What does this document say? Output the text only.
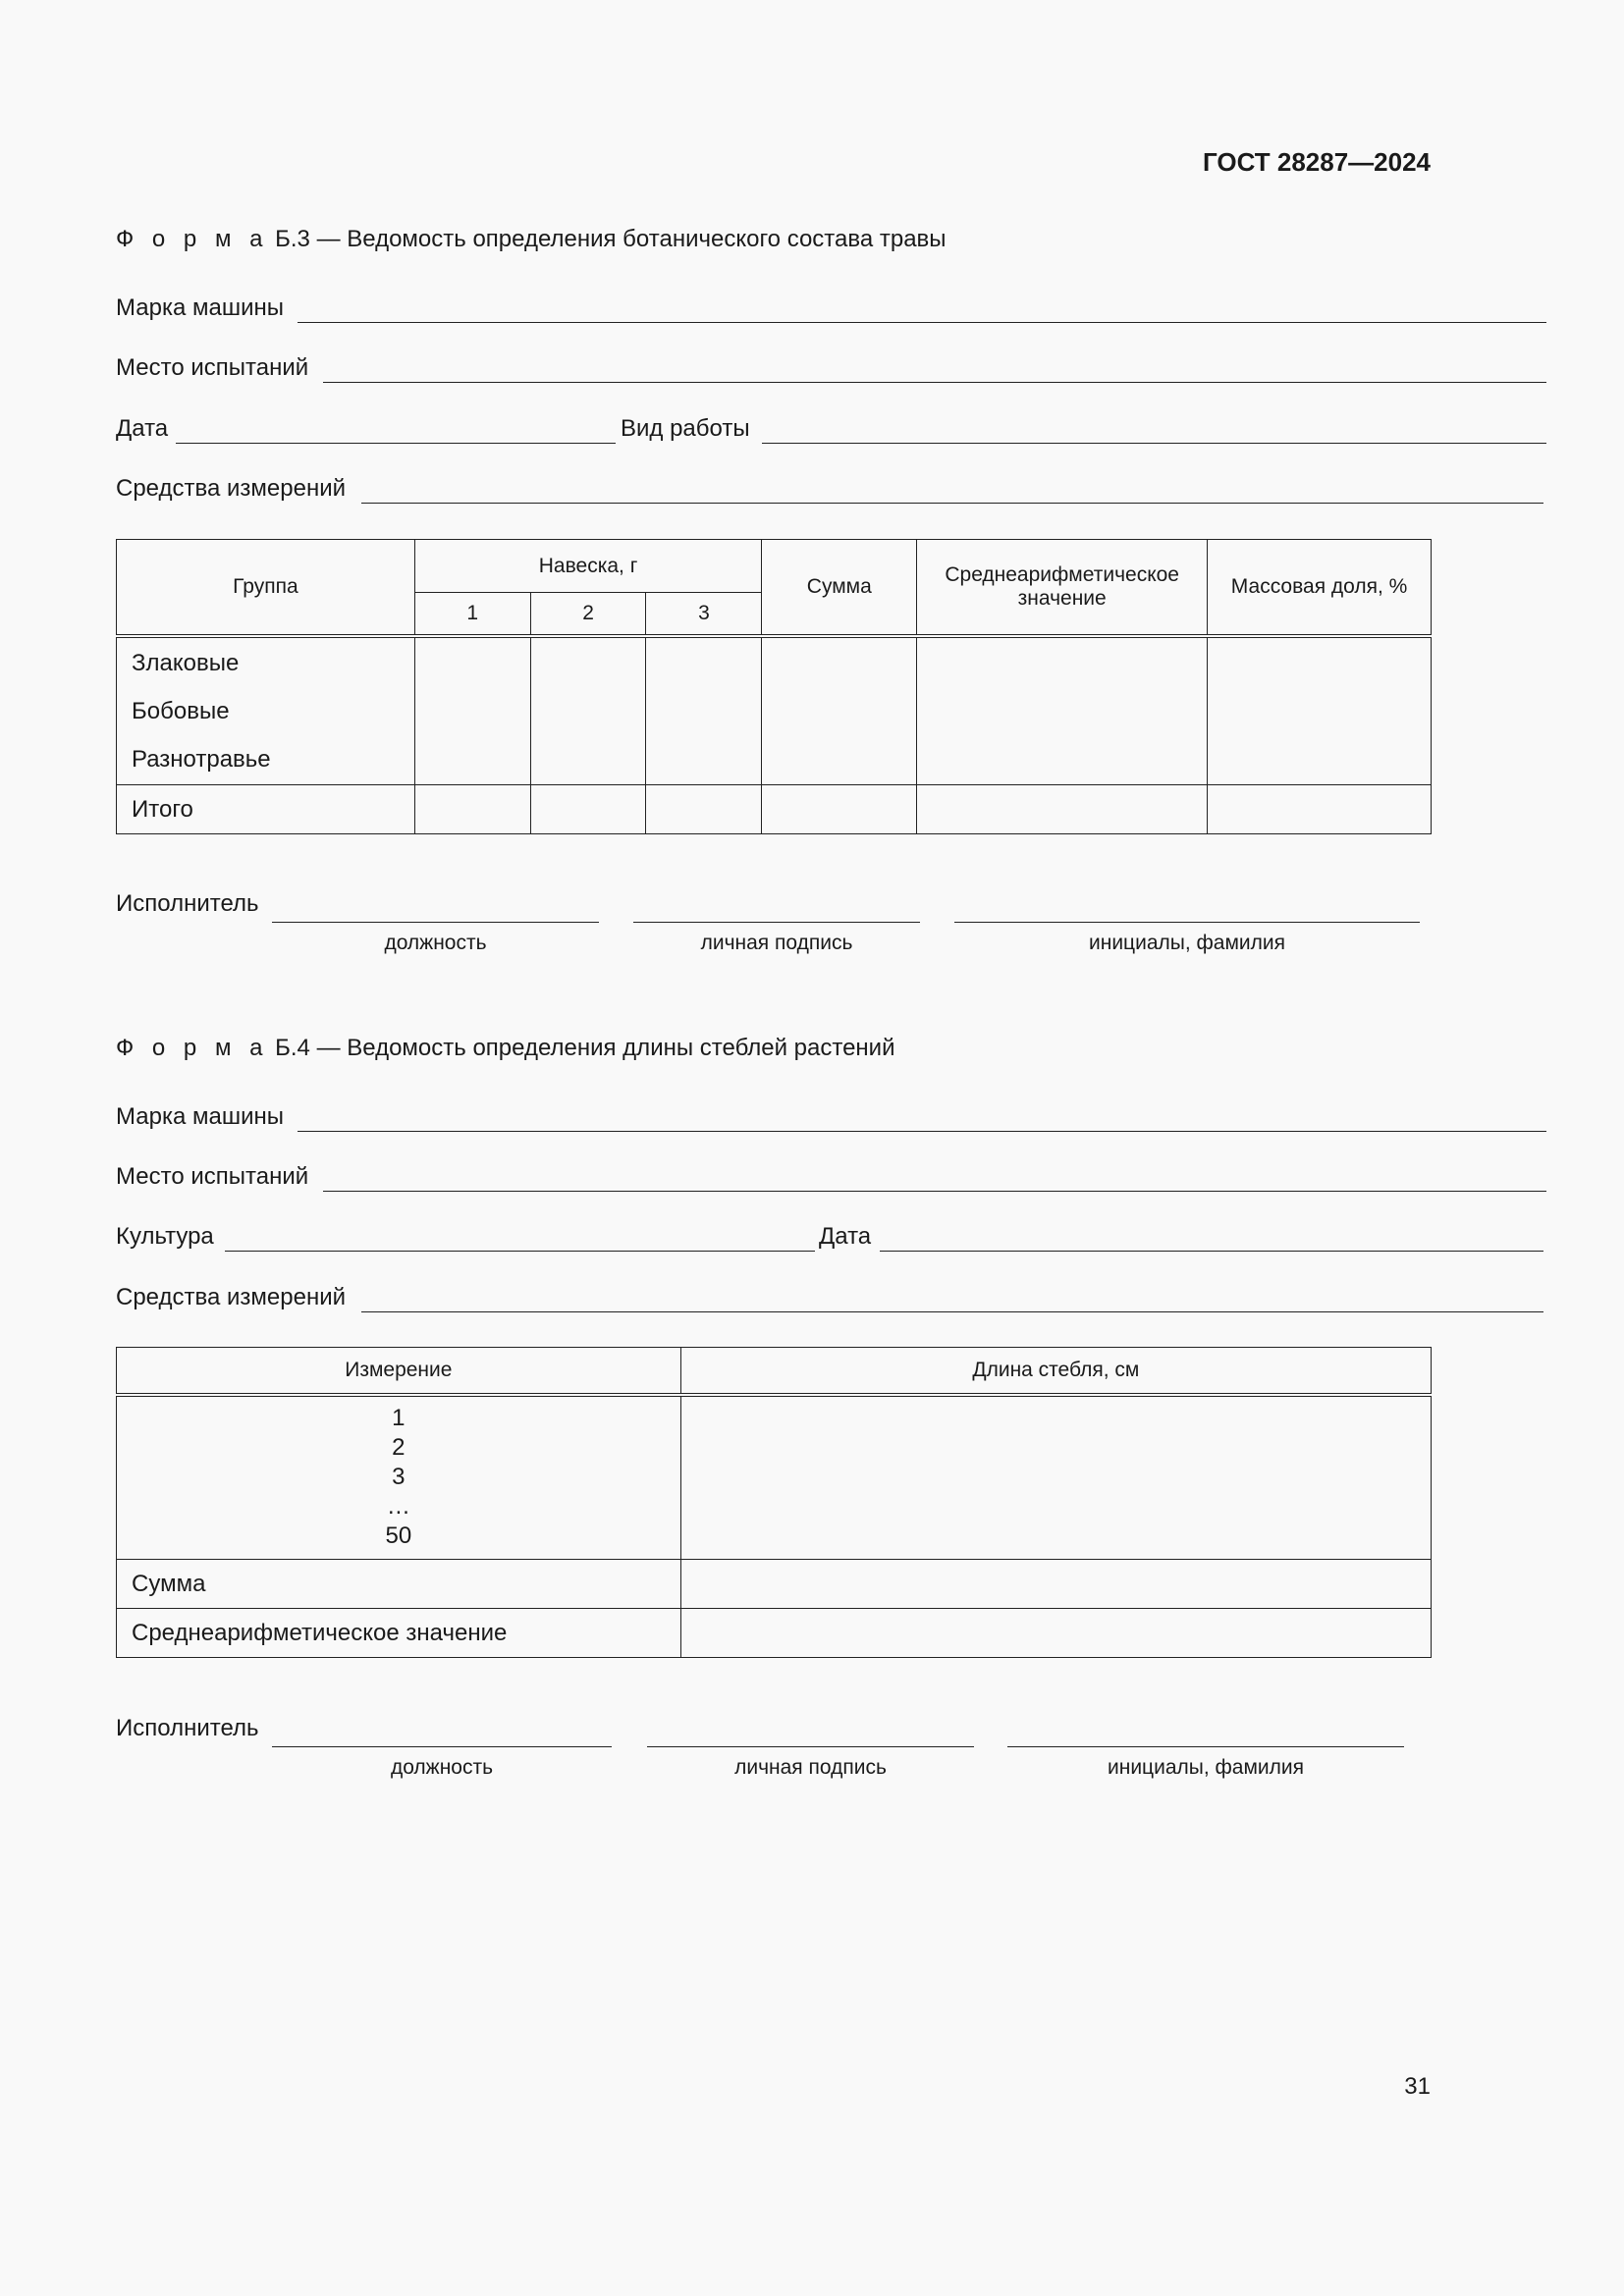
ГОСТ 28287—2024
Ф о р м а Б.3 — Ведомость определения ботанического состава травы
Марка машины
Место испытаний
Дата	Вид работы
Средства измерений
Группа	Навеска, г			Сумма	Среднеарифметическое значение	Массовая доля, %
	1	2	3			

Злаковые
Бобовые
Разнотравье						

Итого						
Исполнитель
должность	личная подпись	инициалы, фамилия
Ф о р м а Б.4 — Ведомость определения длины стеблей растений
Марка машины
Место испытаний
Культура	Дата
Средства измерений
Измерение	Длина стебля, см

1
2
3
…
50	

Сумма	
Среднеарифметическое значение	
Исполнитель
должность	личная подпись	инициалы, фамилия
31
